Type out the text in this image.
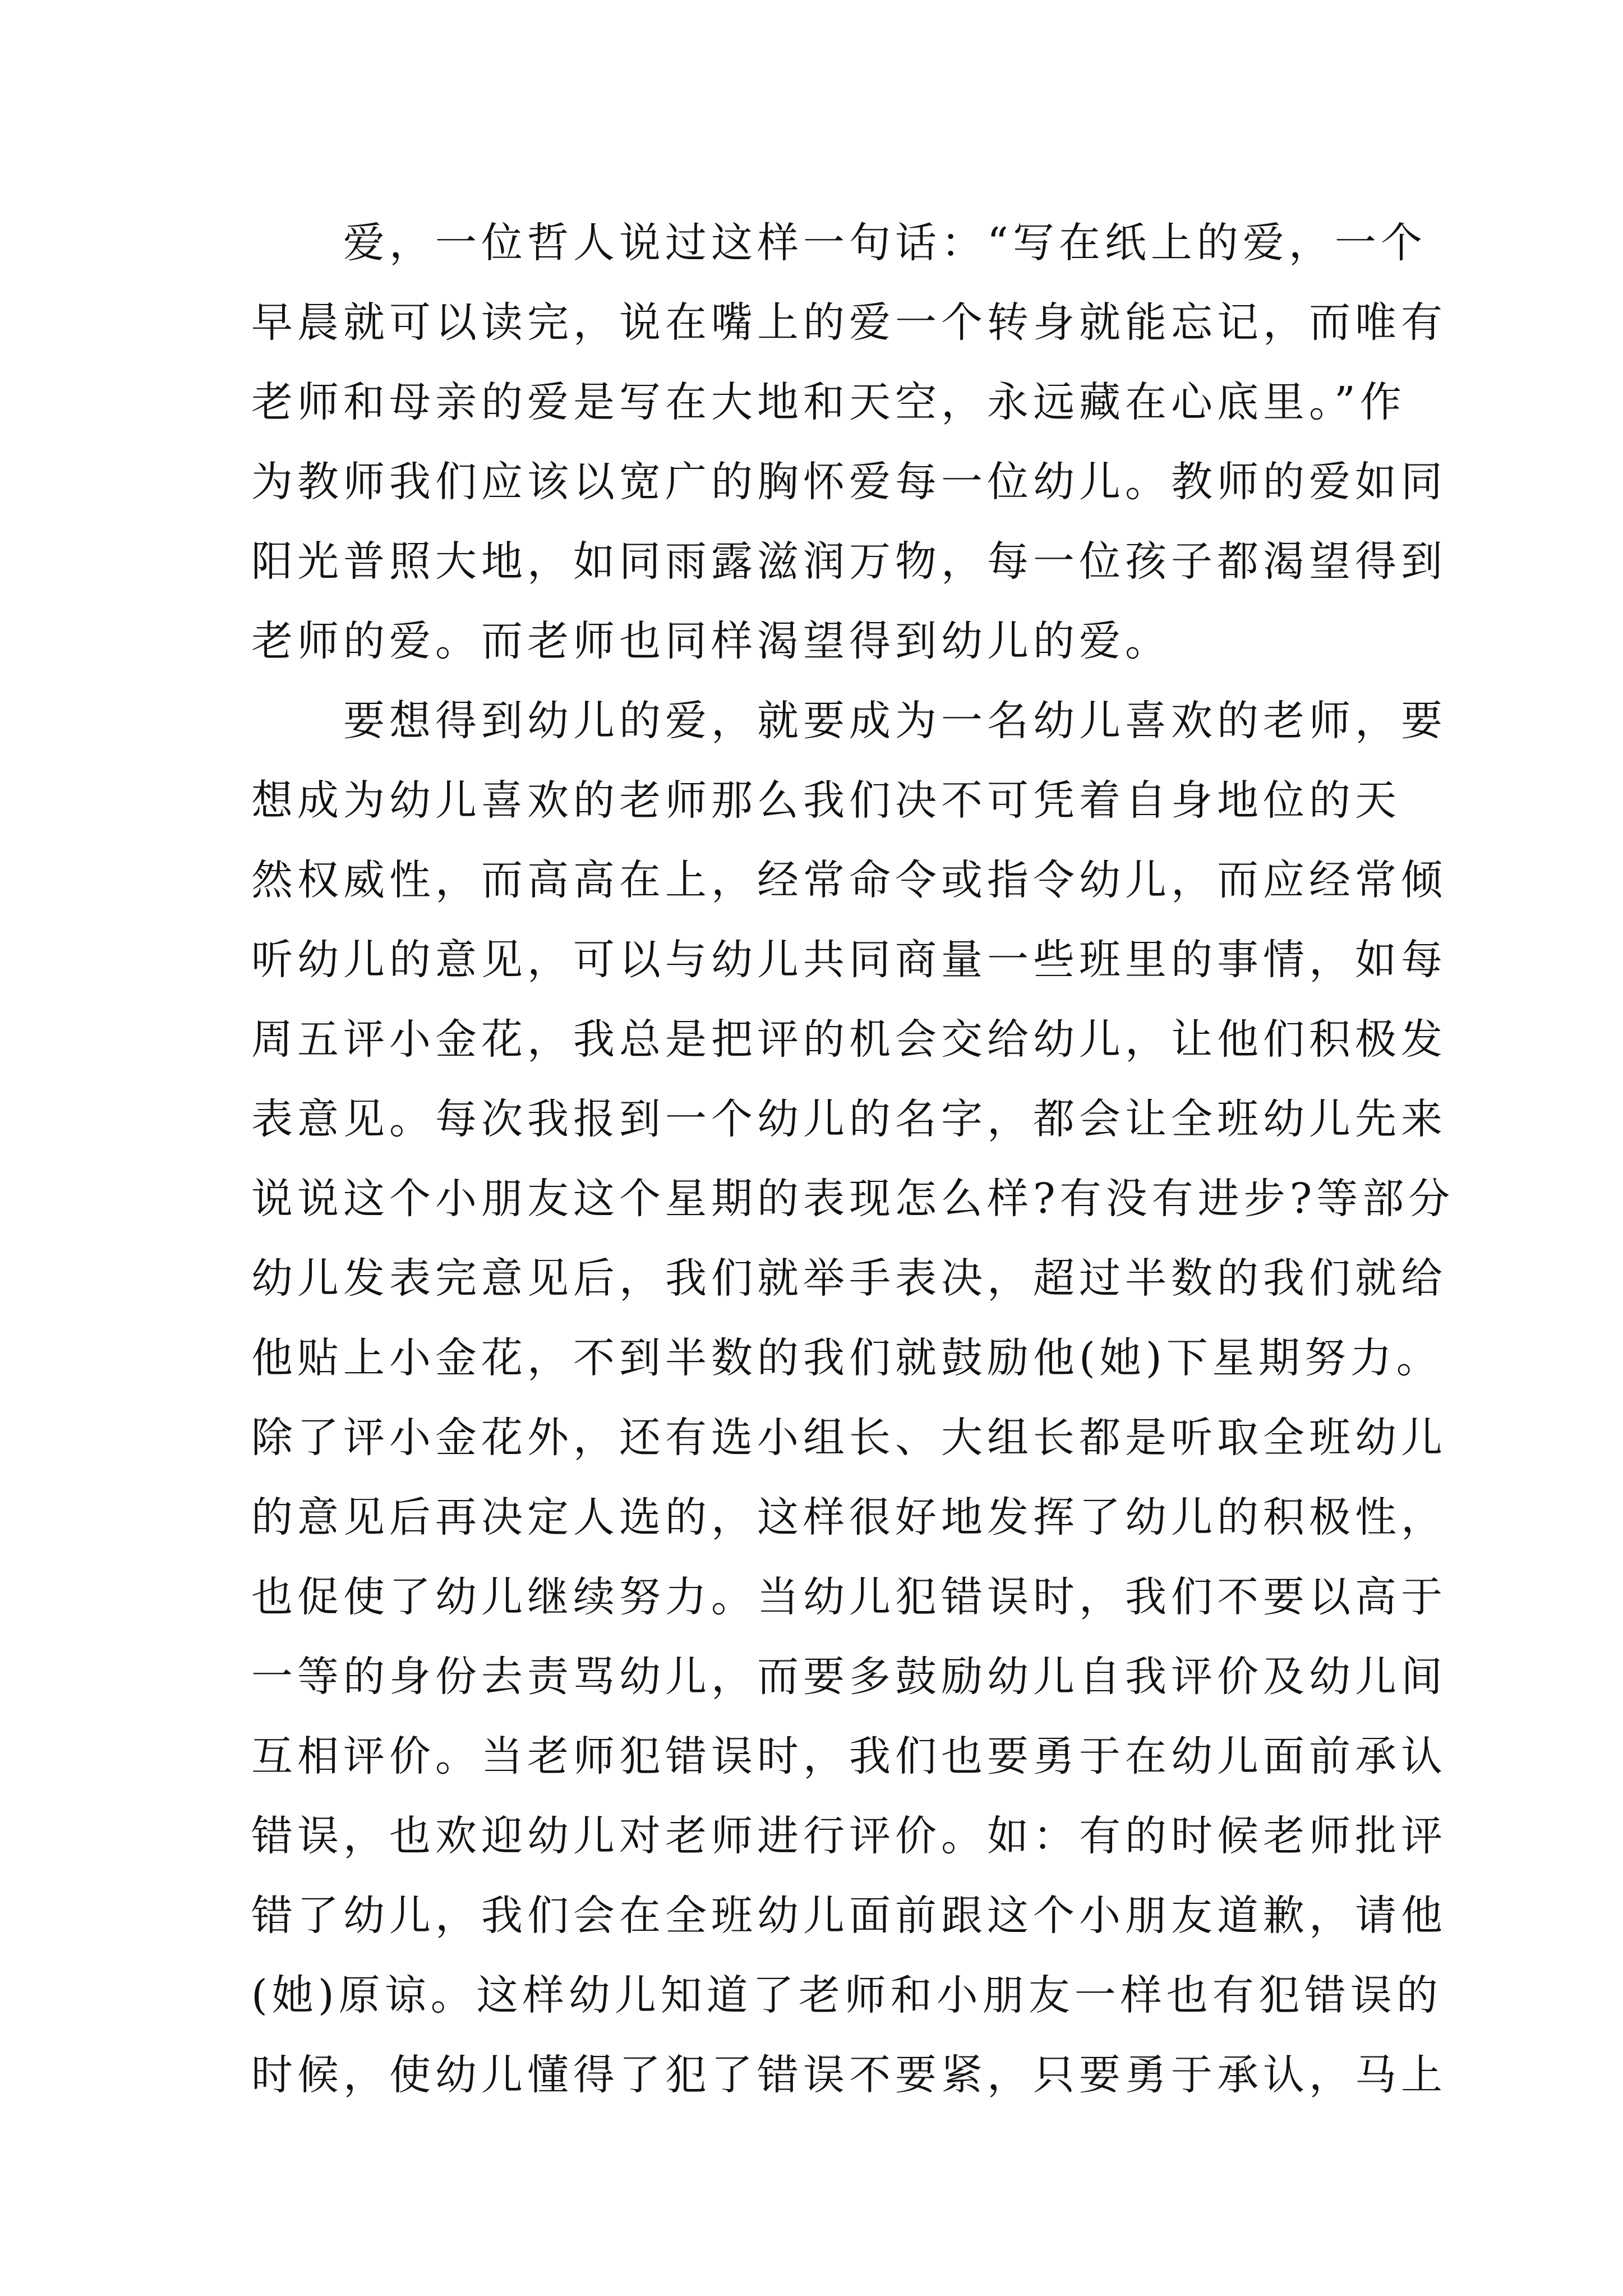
　　爱，一位哲人说过这样一句话：“写在纸上的爱，一个
早晨就可以读完，说在嘴上的爱一个转身就能忘记，而唯有
老师和母亲的爱是写在大地和天空，永远藏在心底里。”作
为教师我们应该以宽广的胸怀爱每一位幼儿。教师的爱如同
阳光普照大地，如同雨露滋润万物，每一位孩子都渴望得到
老师的爱。而老师也同样渴望得到幼儿的爱。
　　要想得到幼儿的爱，就要成为一名幼儿喜欢的老师，要
想成为幼儿喜欢的老师那么我们决不可凭着自身地位的天
然权威性，而高高在上，经常命令或指令幼儿，而应经常倾
听幼儿的意见，可以与幼儿共同商量一些班里的事情，如每
周五评小金花，我总是把评的机会交给幼儿，让他们积极发
表意见。每次我报到一个幼儿的名字，都会让全班幼儿先来
说说这个小朋友这个星期的表现怎么样?有没有进步?等部分
幼儿发表完意见后，我们就举手表决，超过半数的我们就给
他贴上小金花，不到半数的我们就鼓励他(她)下星期努力。
除了评小金花外，还有选小组长、大组长都是听取全班幼儿
的意见后再决定人选的，这样很好地发挥了幼儿的积极性，
也促使了幼儿继续努力。当幼儿犯错误时，我们不要以高于
一等的身份去责骂幼儿，而要多鼓励幼儿自我评价及幼儿间
互相评价。当老师犯错误时，我们也要勇于在幼儿面前承认
错误，也欢迎幼儿对老师进行评价。如：有的时候老师批评
错了幼儿，我们会在全班幼儿面前跟这个小朋友道歉，请他
(她)原谅。这样幼儿知道了老师和小朋友一样也有犯错误的
时候，使幼儿懂得了犯了错误不要紧，只要勇于承认，马上
